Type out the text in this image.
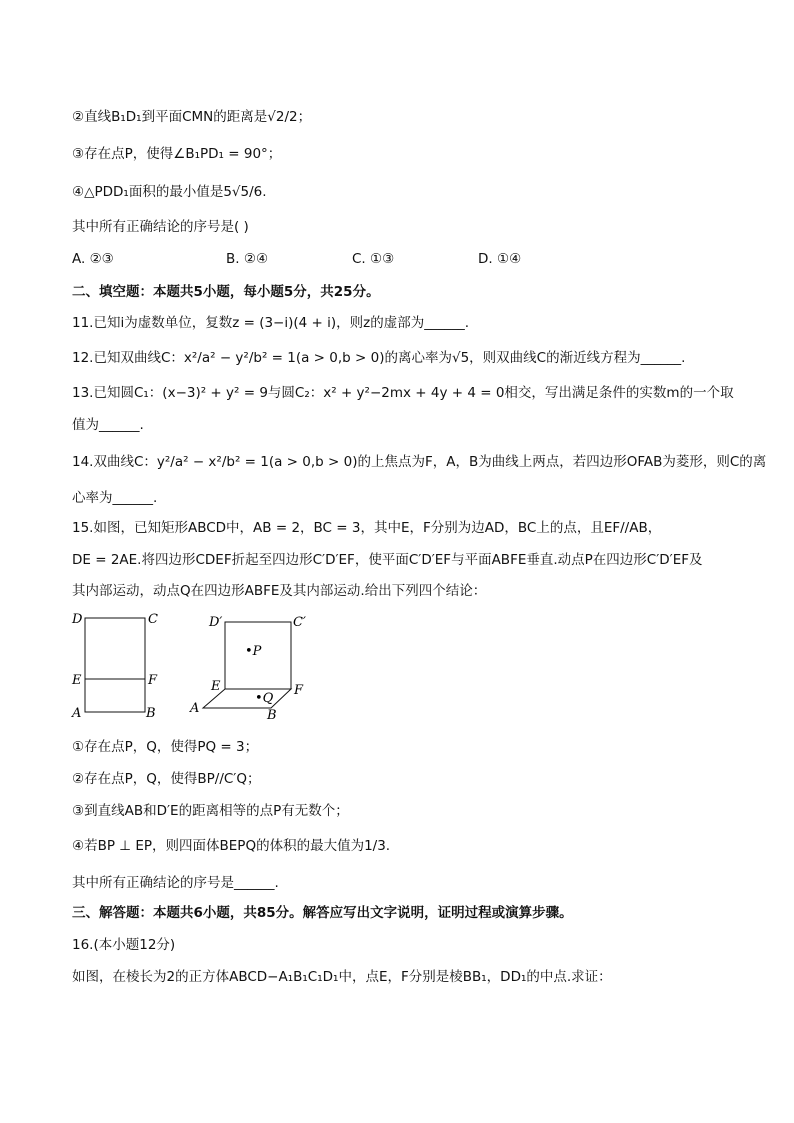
②直线B₁D₁到平面CMN的距离是√2/2；
③存在点P，使得∠B₁PD₁ = 90°；
④△PDD₁面积的最小值是5√5/6.
其中所有正确结论的序号是( )
A. ②③	B. ②④	C. ①③	D. ①④
二、填空题：本题共5小题，每小题5分，共25分。
11.已知i为虚数单位，复数z = (3−i)(4 + i)，则z的虚部为______.
12.已知双曲线C：x²/a² − y²/b² = 1(a > 0,b > 0)的离心率为√5，则双曲线C的渐近线方程为______.
13.已知圆C₁：(x−3)² + y² = 9与圆C₂：x² + y²−2mx + 4y + 4 = 0相交，写出满足条件的实数m的一个取
值为______.
14.双曲线C：y²/a² − x²/b² = 1(a > 0,b > 0)的上焦点为F，A，B为曲线上两点，若四边形OFAB为菱形，则C的离
心率为______.
15.如图，已知矩形ABCD中，AB = 2，BC = 3，其中E，F分别为边AD，BC上的点，且EF//AB，
DE = 2AE.将四边形CDEF折起至四边形C′D′EF，使平面C′D′EF与平面ABFE垂直.动点P在四边形C′D′EF及
其内部运动，动点Q在四边形ABFE及其内部运动.给出下列四个结论：
D	C
E	F
A	B
D′	C′
•P
E	F
•Q
A	B
①存在点P，Q，使得PQ = 3；
②存在点P，Q，使得BP//C′Q；
③到直线AB和D′E的距离相等的点P有无数个；
④若BP ⊥ EP，则四面体BEPQ的体积的最大值为1/3.
其中所有正确结论的序号是______.
三、解答题：本题共6小题，共85分。解答应写出文字说明，证明过程或演算步骤。
16.(本小题12分)
如图，在棱长为2的正方体ABCD−A₁B₁C₁D₁中，点E，F分别是棱BB₁，DD₁的中点.求证：
